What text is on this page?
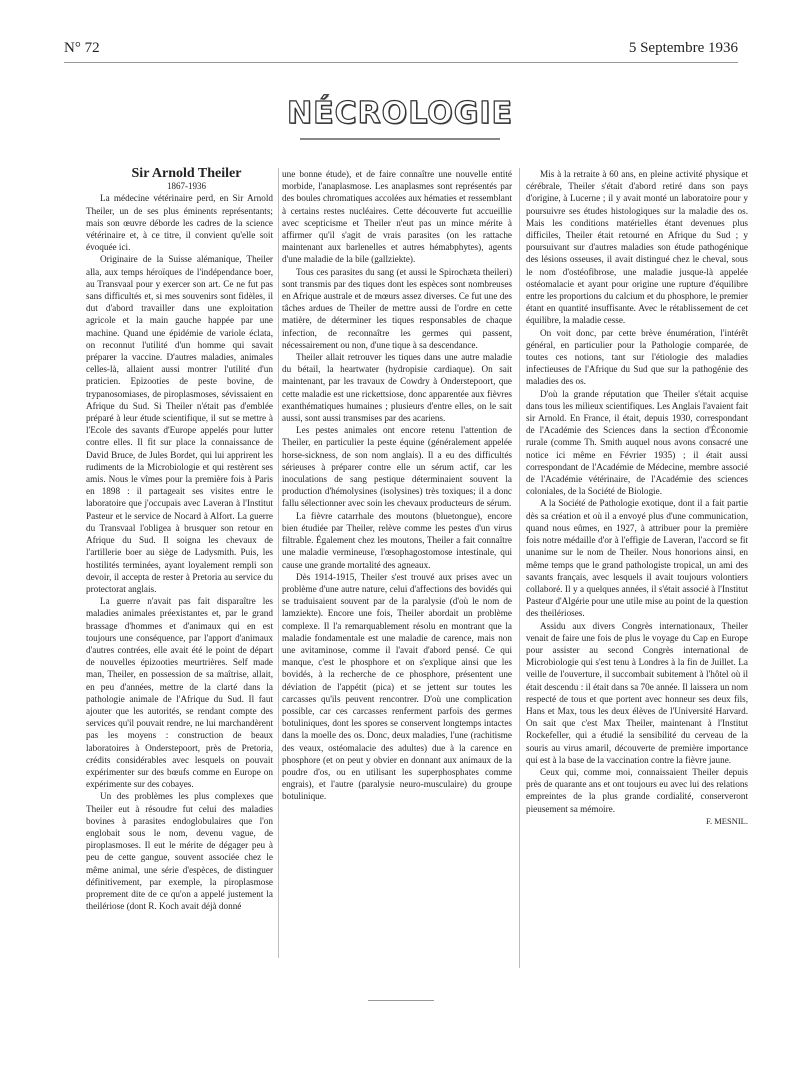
N° 72	5 Septembre 1936
NÉCROLOGIE

Sir Arnold Theiler

1867-1936

La médecine vétérinaire perd, en Sir Arnold Theiler, un de ses plus éminents représentants; mais son œuvre déborde les cadres de la science vétérinaire et, à ce titre, il convient qu'elle soit évoquée ici.

Originaire de la Suisse alémanique, Theiler alla, aux temps héroïques de l'indépendance boer, au Transvaal pour y exercer son art. Ce ne fut pas sans difficultés et, si mes souvenirs sont fidèles, il dut d'abord travailler dans une exploitation agricole et la main gauche happée par une machine. Quand une épidémie de variole éclata, on reconnut l'utilité d'un homme qui savait préparer la vaccine. D'autres maladies, animales celles-là, allaient aussi montrer l'utilité d'un praticien. Epizooties de peste bovine, de trypanosomiases, de piroplasmoses, sévissaient en Afrique du Sud. Si Theiler n'était pas d'emblée préparé à leur étude scientifique, il sut se mettre à l'Ecole des savants d'Europe appelés pour lutter contre elles. Il fit sur place la connaissance de David Bruce, de Jules Bordet, qui lui apprirent les rudiments de la Microbiologie et qui restèrent ses amis. Nous le vîmes pour la première fois à Paris en 1898 : il partageait ses visites entre le laboratoire que j'occupais avec Laveran à l'Institut Pasteur et le service de Nocard à Alfort. La guerre du Transvaal l'obligea à brusquer son retour en Afrique du Sud. Il soigna les chevaux de l'artillerie boer au siège de Ladysmith. Puis, les hostilités terminées, ayant loyalement rempli son devoir, il accepta de rester à Pretoria au service du protectorat anglais.

La guerre n'avait pas fait disparaître les maladies animales préexistantes et, par le grand brassage d'hommes et d'animaux qui en est toujours une conséquence, par l'apport d'animaux d'autres contrées, elle avait été le point de départ de nouvelles épizooties meurtrières. Self made man, Theiler, en possession de sa maîtrise, allait, en peu d'années, mettre de la clarté dans la pathologie animale de l'Afrique du Sud. Il faut ajouter que les autorités, se rendant compte des services qu'il pouvait rendre, ne lui marchandèrent pas les moyens : construction de beaux laboratoires à Onderstepoort, près de Pretoria, crédits considérables avec lesquels on pouvait expérimenter sur des bœufs comme en Europe on expérimente sur des cobayes.

Un des problèmes les plus complexes que Theiler eut à résoudre fut celui des maladies bovines à parasites endoglobulaires que l'on englobait sous le nom, devenu vague, de piroplasmoses. Il eut le mérite de dégager peu à peu de cette gangue, souvent associée chez le même animal, une série d'espèces, de distinguer définitivement, par exemple, la piroplasmose proprement dite de ce qu'on a appelé justement la theilériose (dont R. Koch avait déjà donné

une bonne étude), et de faire connaître une nouvelle entité morbide, l'anaplasmose. Les anaplasmes sont représentés par des boules chromatiques accolées aux hématies et ressemblant à certains restes nucléaires. Cette découverte fut accueillie avec scepticisme et Theiler n'eut pas un mince mérite à affirmer qu'il s'agit de vrais parasites (on les rattache maintenant aux barlenelles et autres hémabphytes), agents d'une maladie de la bile (gallziekte).

Tous ces parasites du sang (et aussi le Spirochæta theileri) sont transmis par des tiques dont les espèces sont nombreuses en Afrique australe et de mœurs assez diverses. Ce fut une des tâches ardues de Theiler de mettre aussi de l'ordre en cette matière, de déterminer les tiques responsables de chaque infection, de reconnaître les germes qui passent, nécessairement ou non, d'une tique à sa descendance.

Theiler allait retrouver les tiques dans une autre maladie du bétail, la heartwater (hydropisie cardiaque). On sait maintenant, par les travaux de Cowdry à Onderstepoort, que cette maladie est une rickettsiose, donc apparentée aux fièvres exanthématiques humaines ; plusieurs d'entre elles, on le sait aussi, sont aussi transmises par des acariens.

Les pestes animales ont encore retenu l'attention de Theiler, en particulier la peste équine (généralement appelée horse-sickness, de son nom anglais). Il a eu des difficultés sérieuses à préparer contre elle un sérum actif, car les inoculations de sang pestique déterminaient souvent la production d'hémolysines (isolysines) très toxiques; il a donc fallu sélectionner avec soin les chevaux producteurs de sérum.

La fièvre catarrhale des moutons (bluetongue), encore bien étudiée par Theiler, relève comme les pestes d'un virus filtrable. Également chez les moutons, Theiler a fait connaître une maladie vermineuse, l'œsophagostomose intestinale, qui cause une grande mortalité des agneaux.

Dès 1914-1915, Theiler s'est trouvé aux prises avec un problème d'une autre nature, celui d'affections des bovidés qui se traduisaient souvent par de la paralysie (d'où le nom de lamziekte). Encore une fois, Theiler abordait un problème complexe. Il l'a remarquablement résolu en montrant que la maladie fondamentale est une maladie de carence, mais non une avitaminose, comme il l'avait d'abord pensé. Ce qui manque, c'est le phosphore et on s'explique ainsi que les bovidés, à la recherche de ce phosphore, présentent une déviation de l'appétit (pica) et se jettent sur toutes les carcasses qu'ils peuvent rencontrer. D'où une complication possible, car ces carcasses renferment parfois des germes botuliniques, dont les spores se conservent longtemps intactes dans la moelle des os. Donc, deux maladies, l'une (rachitisme des veaux, ostéomalacie des adultes) due à la carence en phosphore (et on peut y obvier en donnant aux animaux de la poudre d'os, ou en utilisant les superphosphates comme engrais), et l'autre (paralysie neuro-musculaire) du groupe botulinique.

Mis à la retraite à 60 ans, en pleine activité physique et cérébrale, Theiler s'était d'abord retiré dans son pays d'origine, à Lucerne ; il y avait monté un laboratoire pour y poursuivre ses études histologiques sur la maladie des os. Mais les conditions matérielles étant devenues plus difficiles, Theiler était retourné en Afrique du Sud ; y poursuivant sur d'autres maladies son étude pathogénique des lésions osseuses, il avait distingué chez le cheval, sous le nom d'ostéofibrose, une maladie jusque-là appelée ostéomalacie et ayant pour origine une rupture d'équilibre entre les proportions du calcium et du phosphore, le premier étant en quantité insuffisante. Avec le rétablissement de cet équilibre, la maladie cesse.

On voit donc, par cette brève énumération, l'intérêt général, en particulier pour la Pathologie comparée, de toutes ces notions, tant sur l'étiologie des maladies infectieuses de l'Afrique du Sud que sur la pathogénie des maladies des os.

D'où la grande réputation que Theiler s'était acquise dans tous les milieux scientifiques. Les Anglais l'avaient fait sir Arnold. En France, il était, depuis 1930, correspondant de l'Académie des Sciences dans la section d'Économie rurale (comme Th. Smith auquel nous avons consacré une notice ici même en Février 1935) ; il était aussi correspondant de l'Académie de Médecine, membre associé de l'Académie vétérinaire, de l'Académie des sciences coloniales, de la Société de Biologie.

A la Société de Pathologie exotique, dont il a fait partie dès sa création et où il a envoyé plus d'une communication, quand nous eûmes, en 1927, à attribuer pour la première fois notre médaille d'or à l'effigie de Laveran, l'accord se fit unanime sur le nom de Theiler. Nous honorions ainsi, en même temps que le grand pathologiste tropical, un ami des savants français, avec lesquels il avait toujours volontiers collaboré. Il y a quelques années, il s'était associé à l'Institut Pasteur d'Algérie pour une utile mise au point de la question des theilérioses.

Assidu aux divers Congrès internationaux, Theiler venait de faire une fois de plus le voyage du Cap en Europe pour assister au second Congrès international de Microbiologie qui s'est tenu à Londres à la fin de Juillet. La veille de l'ouverture, il succombait subitement à l'hôtel où il était descendu : il était dans sa 70e année. Il laissera un nom respecté de tous et que portent avec honneur ses deux fils, Hans et Max, tous les deux élèves de l'Université Harvard. On sait que c'est Max Theiler, maintenant à l'Institut Rockefeller, qui a étudié la sensibilité du cerveau de la souris au virus amaril, découverte de première importance qui est à la base de la vaccination contre la fièvre jaune.

Ceux qui, comme moi, connaissaient Theiler depuis près de quarante ans et ont toujours eu avec lui des relations empreintes de la plus grande cordialité, conserveront pieusement sa mémoire.

F. MESNIL.
